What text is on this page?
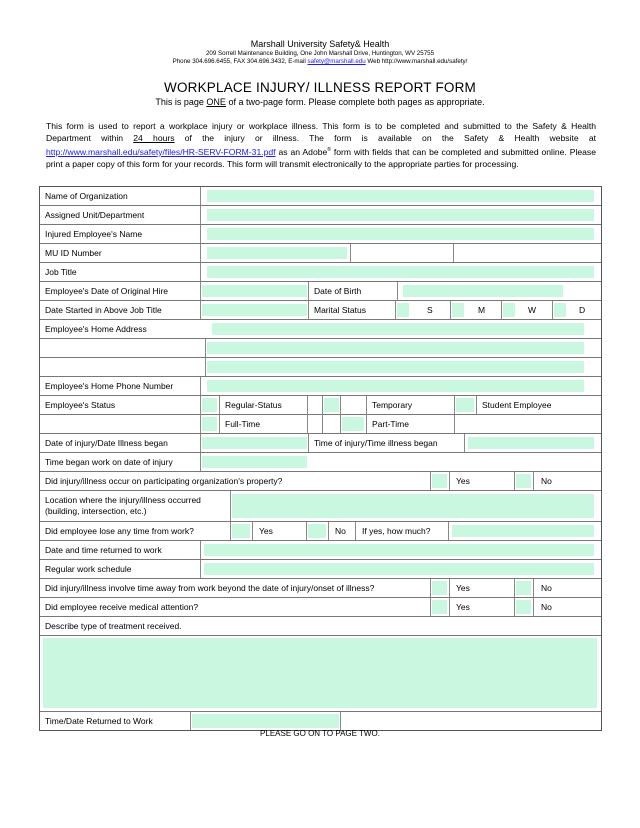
Marshall University Safety& Health
209 Sorrell Maintenance Building, One John Marshall Drive, Huntington, WV 25755
Phone 304.696.6455, FAX 304.696.3432, E-mail safety@marshall.edu Web http://www.marshall.edu/safety/
WORKPLACE INJURY/ ILLNESS REPORT FORM
This is page ONE of a two-page form. Please complete both pages as appropriate.
This form is used to report a workplace injury or workplace illness. This form is to be completed and submitted to the Safety & Health Department within 24 hours of the injury or illness. The form is available on the Safety & Health website at http://www.marshall.edu/safety/files/HR-SERV-FORM-31.pdf as an Adobe® form with fields that can be completed and submitted online. Please print a paper copy of this form for your records. This form will transmit electronically to the appropriate parties for processing.
Name of Organization
Assigned Unit/Department
Injured Employee's Name
MU ID Number
Job Title
Employee's Date of Original Hire	Date of Birth
Date Started in Above Job Title	Marital Status	S	M	W	D
Employee's Home Address
Employee's Home Phone Number
Employee's Status	Regular-Status	Temporary	Student Employee
Full-Time	Part-Time
Date of injury/Date Illness began	Time of injury/Time illness began
Time began work on date of injury
Did injury/illness occur on participating organization's property?	Yes	No
Location where the injury/illness occurred
(building, intersection, etc.)
Did employee lose any time from work?	Yes	No If yes, how much?
Date and time returned to work
Regular work schedule
Did injury/illness involve time away from work beyond the date of injury/onset of illness?	Yes	No
Did employee receive medical attention?	Yes	No
Describe type of treatment received.
Time/Date Returned to Work
PLEASE GO ON TO PAGE TWO.
